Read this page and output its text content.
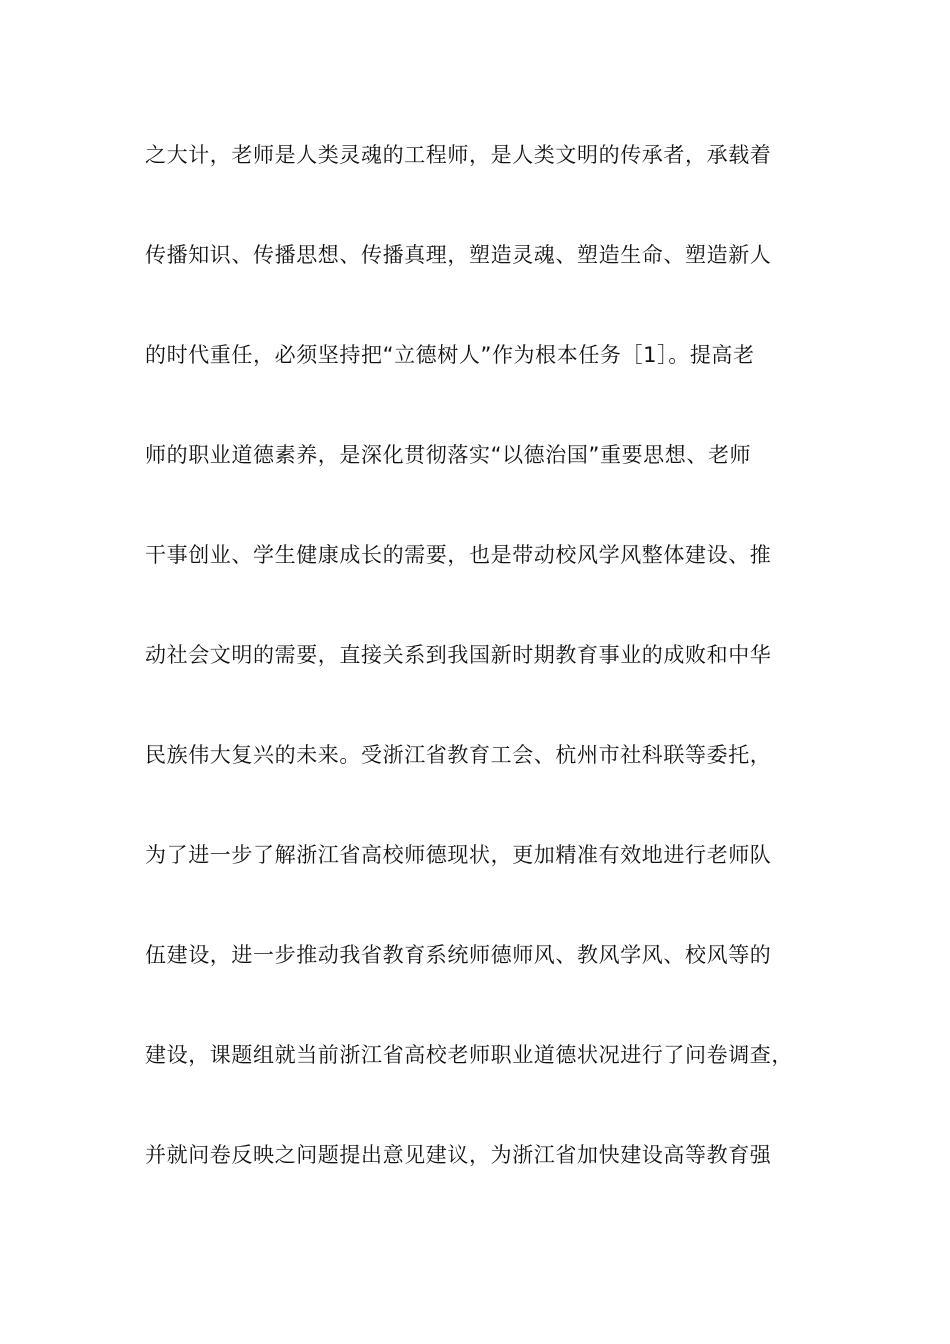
之大计，老师是人类灵魂的工程师，是人类文明的传承者，承载着
传播知识、传播思想、传播真理，塑造灵魂、塑造生命、塑造新人
的时代重任，必须坚持把“立德树人”作为根本任务［1］。提高老
师的职业道德素养，是深化贯彻落实“以德治国”重要思想、老师
干事创业、学生健康成长的需要，也是带动校风学风整体建设、推
动社会文明的需要，直接关系到我国新时期教育事业的成败和中华
民族伟大复兴的未来。受浙江省教育工会、杭州市社科联等委托，
为了进一步了解浙江省高校师德现状，更加精准有效地进行老师队
伍建设，进一步推动我省教育系统师德师风、教风学风、校风等的
建设，课题组就当前浙江省高校老师职业道德状况进行了问卷调查，
并就问卷反映之问题提出意见建议，为浙江省加快建设高等教育强
